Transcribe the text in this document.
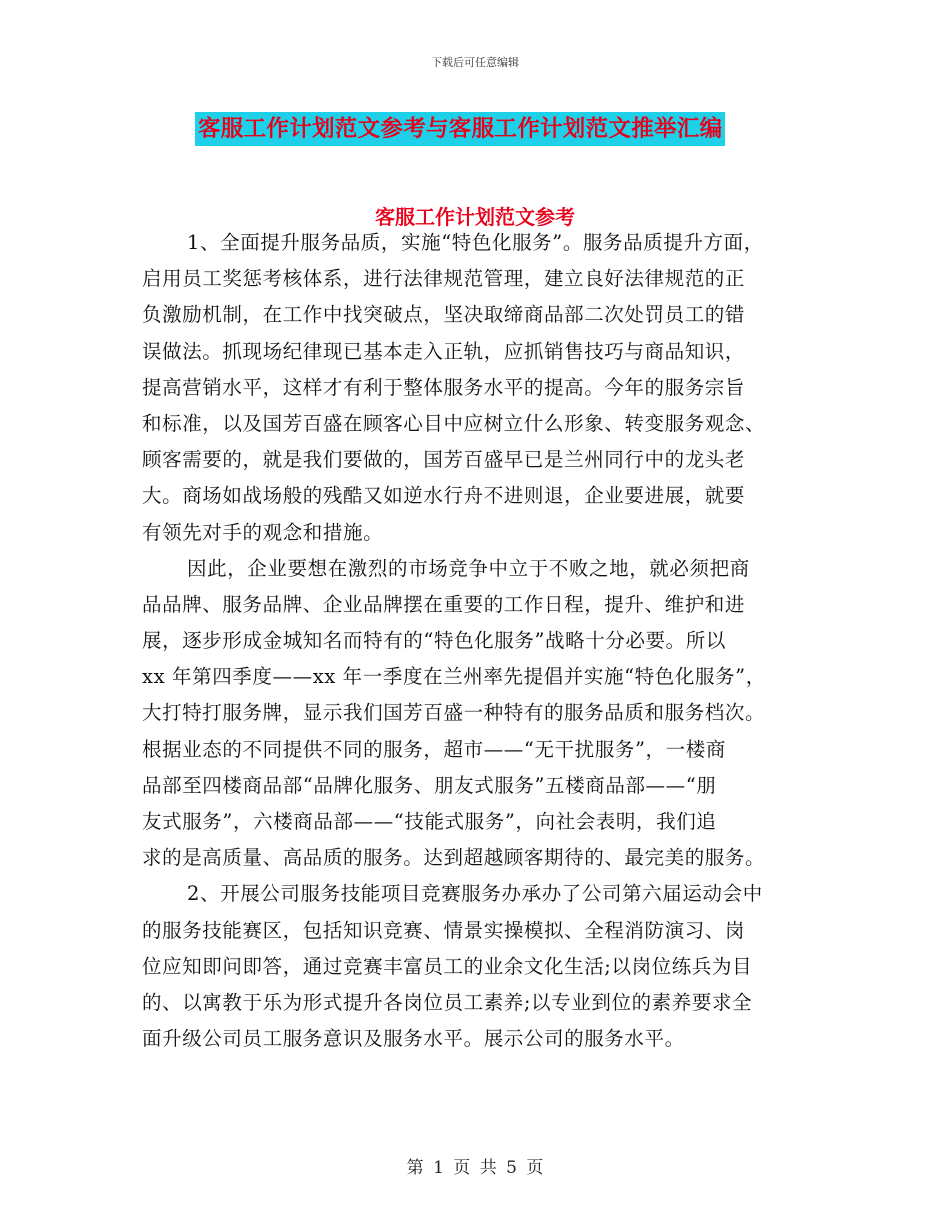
下载后可任意编辑
客服工作计划范文参考与客服工作计划范文推举汇编
客服工作计划范文参考
1、全面提升服务品质，实施“特色化服务”。服务品质提升方面，
启用员工奖惩考核体系，进行法律规范管理，建立良好法律规范的正
负激励机制，在工作中找突破点，坚决取缔商品部二次处罚员工的错
误做法。抓现场纪律现已基本走入正轨，应抓销售技巧与商品知识，
提高营销水平，这样才有利于整体服务水平的提高。今年的服务宗旨
和标准，以及国芳百盛在顾客心目中应树立什么形象、转变服务观念、
顾客需要的，就是我们要做的，国芳百盛早已是兰州同行中的龙头老
大。商场如战场般的残酷又如逆水行舟不进则退，企业要进展，就要
有领先对手的观念和措施。
因此，企业要想在激烈的市场竞争中立于不败之地，就必须把商
品品牌、服务品牌、企业品牌摆在重要的工作日程，提升、维护和进
展，逐步形成金城知名而特有的“特色化服务”战略十分必要。所以
xx 年第四季度——xx 年一季度在兰州率先提倡并实施“特色化服务”，
大打特打服务牌，显示我们国芳百盛一种特有的服务品质和服务档次。
根据业态的不同提供不同的服务，超市——“无干扰服务”，一楼商
品部至四楼商品部“品牌化服务、朋友式服务”五楼商品部——“朋
友式服务”，六楼商品部——“技能式服务”，向社会表明，我们追
求的是高质量、高品质的服务。达到超越顾客期待的、最完美的服务。
2、开展公司服务技能项目竞赛服务办承办了公司第六届运动会中
的服务技能赛区，包括知识竞赛、情景实操模拟、全程消防演习、岗
位应知即问即答，通过竞赛丰富员工的业余文化生活;以岗位练兵为目
的、以寓教于乐为形式提升各岗位员工素养;以专业到位的素养要求全
面升级公司员工服务意识及服务水平。展示公司的服务水平。
第 1 页 共 5 页
